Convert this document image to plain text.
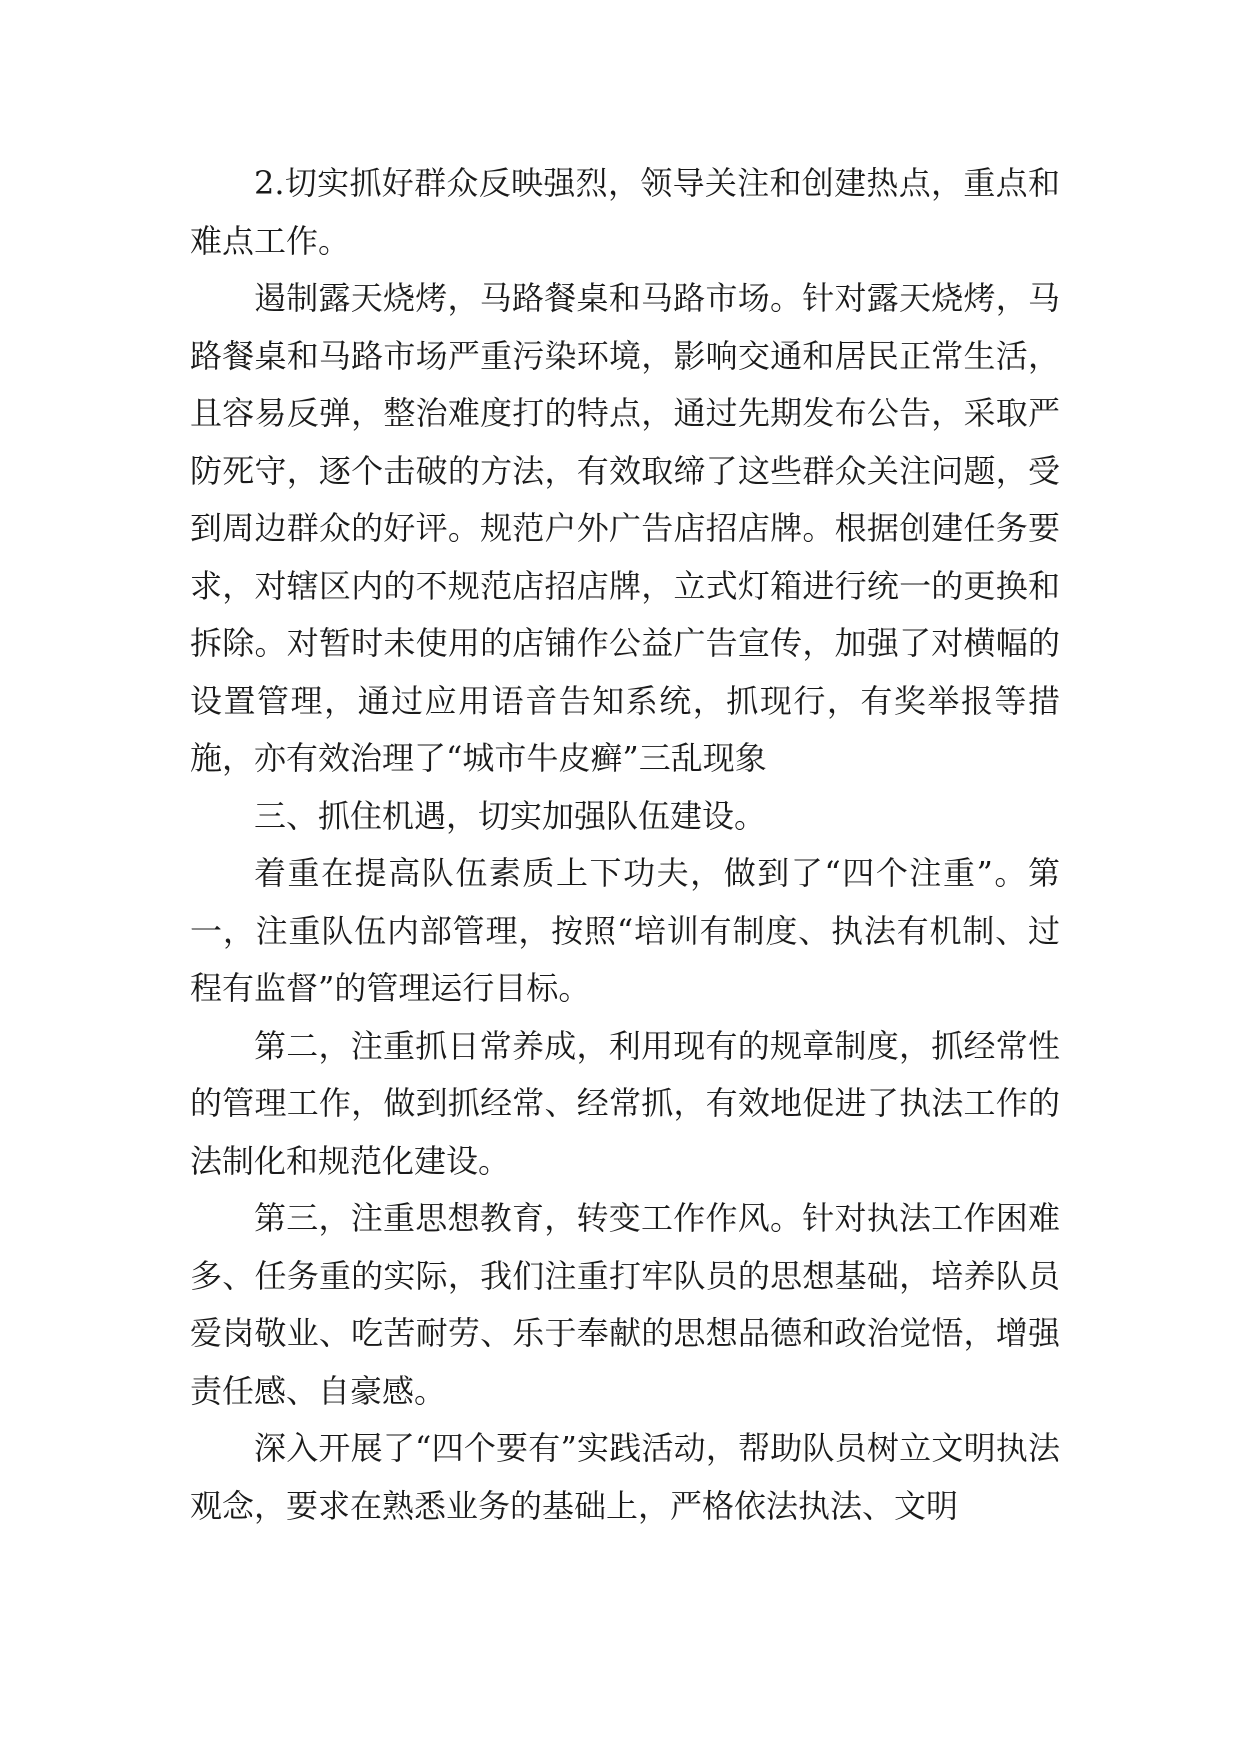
2.切实抓好群众反映强烈，领导关注和创建热点，重点和难点工作。

遏制露天烧烤，马路餐桌和马路市场。针对露天烧烤，马路餐桌和马路市场严重污染环境，影响交通和居民正常生活，且容易反弹，整治难度打的特点，通过先期发布公告，采取严防死守，逐个击破的方法，有效取缔了这些群众关注问题，受到周边群众的好评。规范户外广告店招店牌。根据创建任务要求，对辖区内的不规范店招店牌，立式灯箱进行统一的更换和拆除。对暂时未使用的店铺作公益广告宣传，加强了对横幅的设置管理，通过应用语音告知系统，抓现行，有奖举报等措施，亦有效治理了“城市牛皮癣”三乱现象

三、抓住机遇，切实加强队伍建设。

着重在提高队伍素质上下功夫，做到了“四个注重”。第一，注重队伍内部管理，按照“培训有制度、执法有机制、过程有监督”的管理运行目标。

第二，注重抓日常养成，利用现有的规章制度，抓经常性的管理工作，做到抓经常、经常抓，有效地促进了执法工作的法制化和规范化建设。

第三，注重思想教育，转变工作作风。针对执法工作困难多、任务重的实际，我们注重打牢队员的思想基础，培养队员爱岗敬业、吃苦耐劳、乐于奉献的思想品德和政治觉悟，增强责任感、自豪感。

深入开展了“四个要有”实践活动，帮助队员树立文明执法观念，要求在熟悉业务的基础上，严格依法执法、文明
